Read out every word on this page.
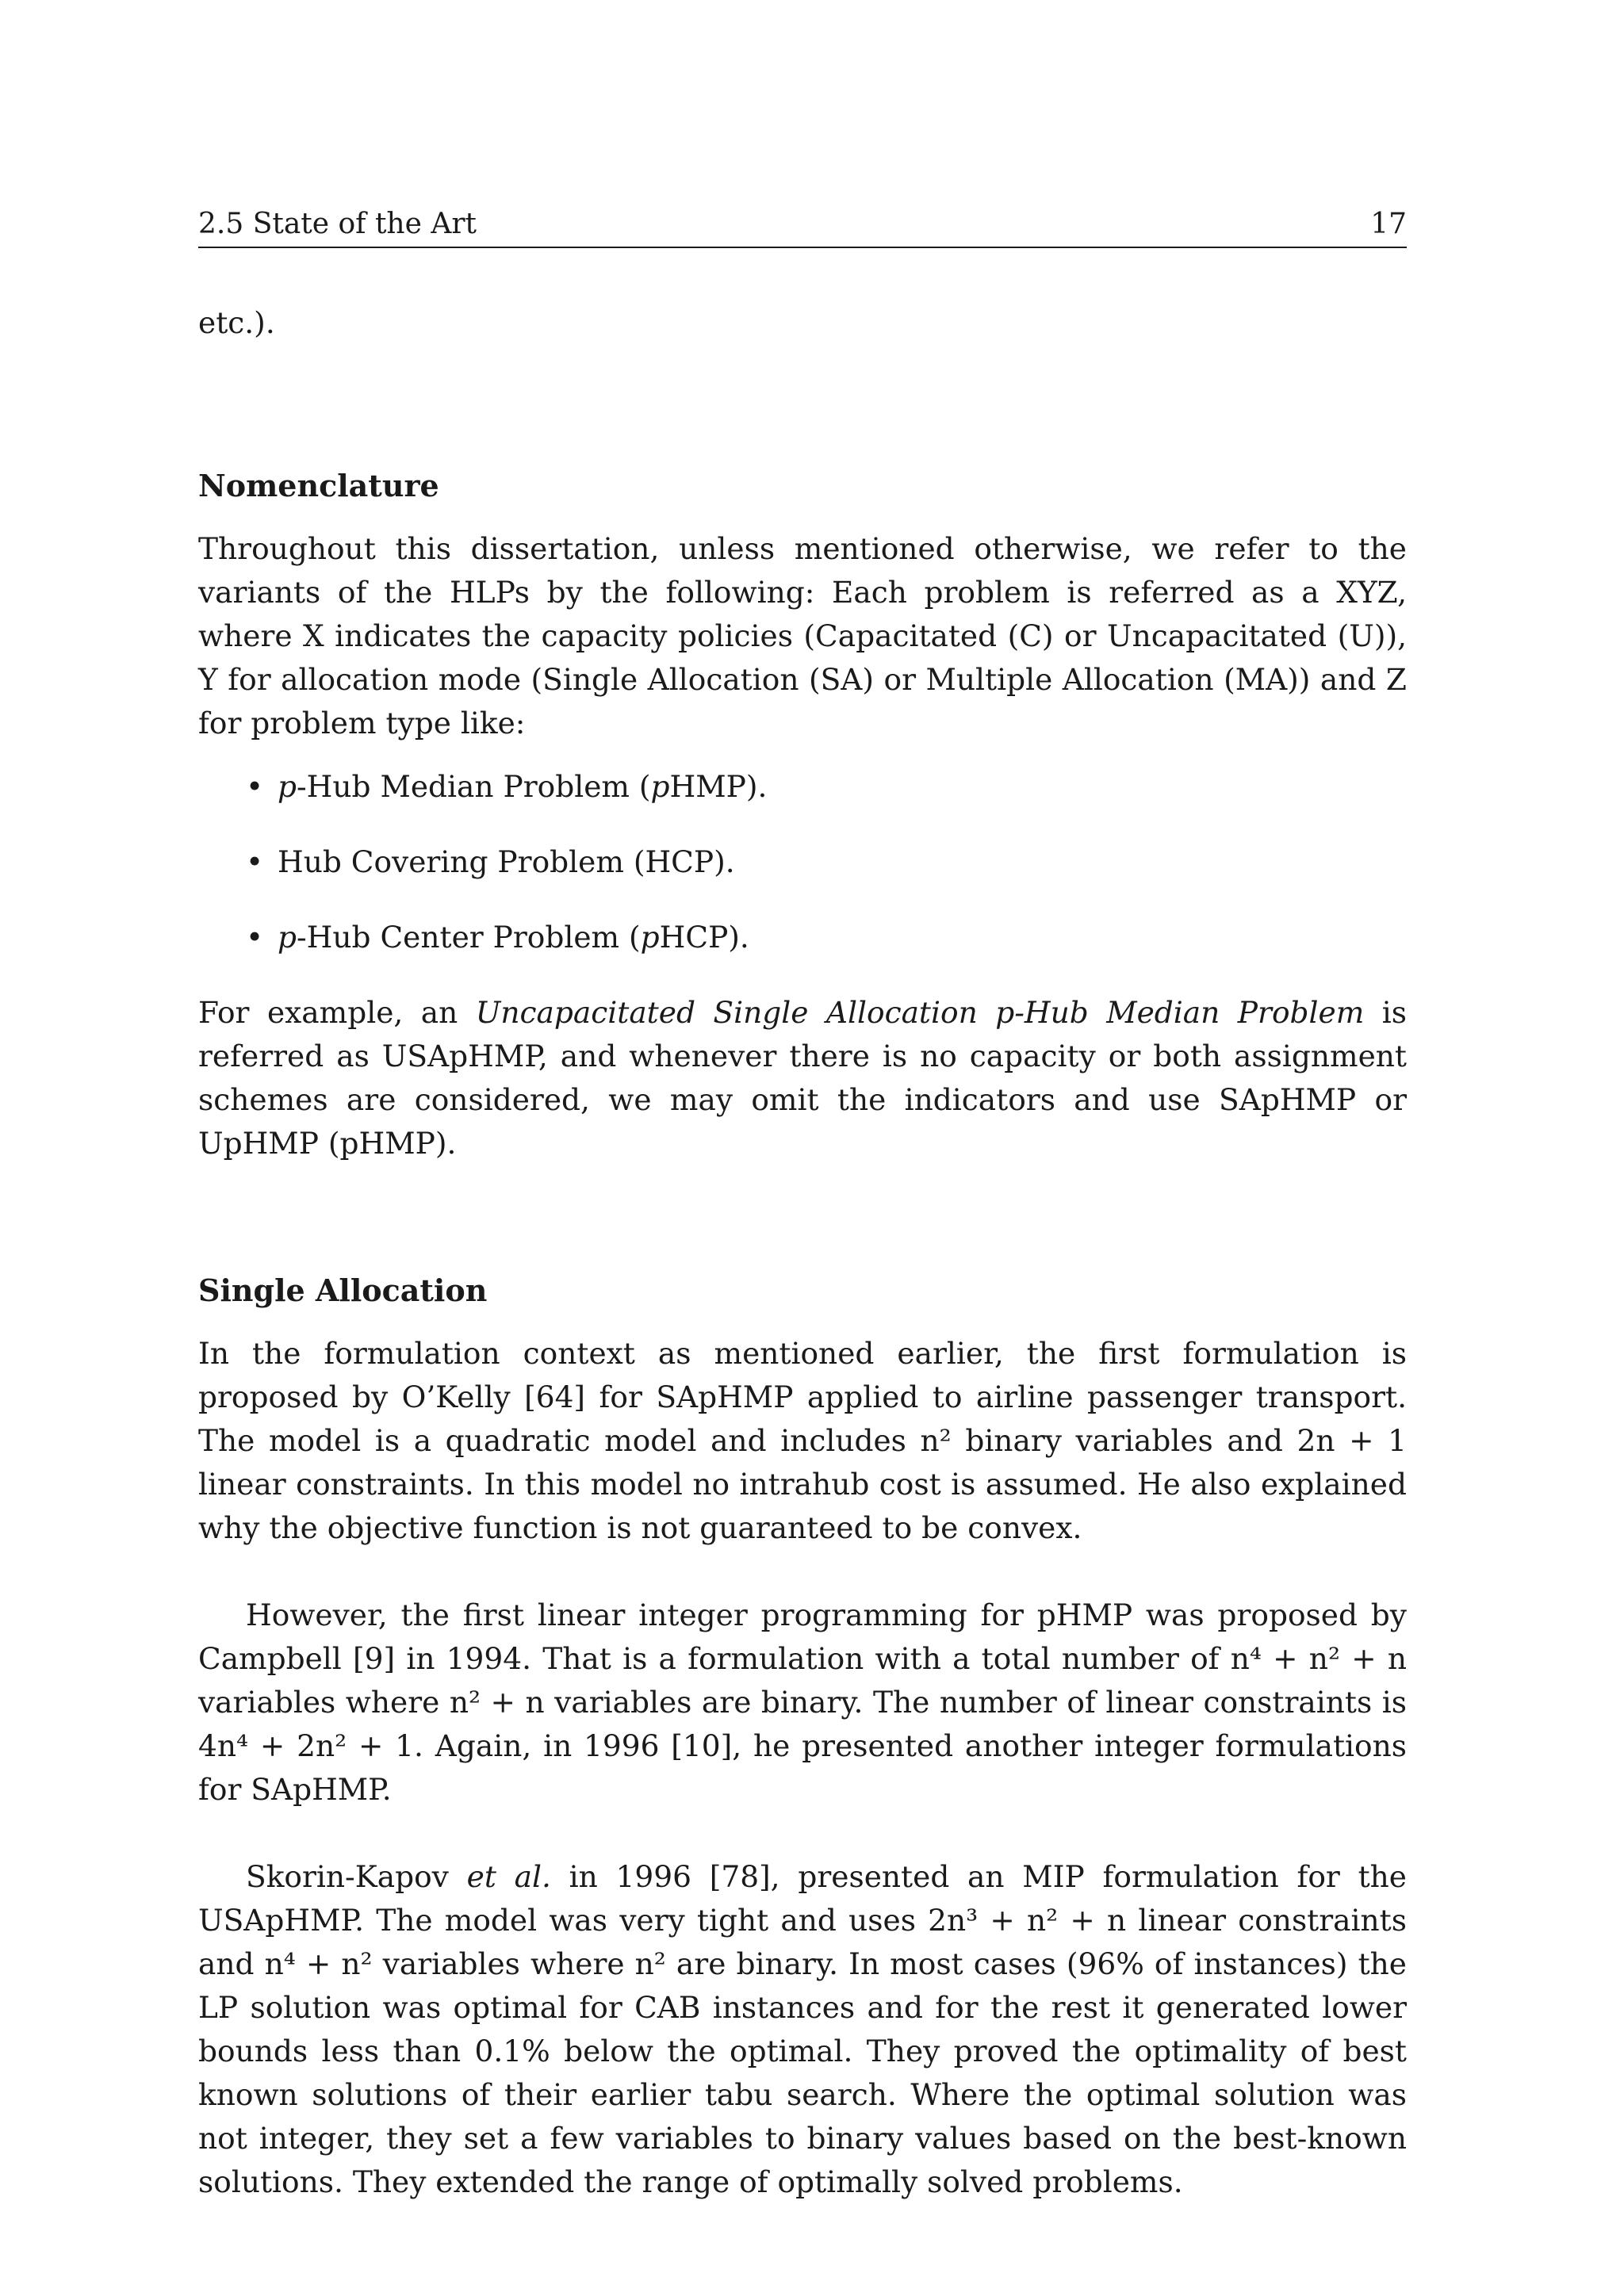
2.5 State of the Art	17

etc.).

Nomenclature

Throughout this dissertation, unless mentioned otherwise, we refer to the variants of the HLPs by the following: Each problem is referred as a XYZ, where X indicates the capacity policies (Capacitated (C) or Uncapacitated (U)), Y for allocation mode (Single Allocation (SA) or Multiple Allocation (MA)) and Z for problem type like:

• p-Hub Median Problem (pHMP).
• Hub Covering Problem (HCP).
• p-Hub Center Problem (pHCP).

For example, an Uncapacitated Single Allocation p-Hub Median Problem is referred as USApHMP, and whenever there is no capacity or both assignment schemes are considered, we may omit the indicators and use SApHMP or UpHMP (pHMP).

Single Allocation

In the formulation context as mentioned earlier, the first formulation is proposed by O’Kelly [64] for SApHMP applied to airline passenger transport. The model is a quadratic model and includes n² binary variables and 2n + 1 linear constraints. In this model no intrahub cost is assumed. He also explained why the objective function is not guaranteed to be convex.

However, the first linear integer programming for pHMP was proposed by Campbell [9] in 1994. That is a formulation with a total number of n⁴ + n² + n variables where n² + n variables are binary. The number of linear constraints is 4n⁴ + 2n² + 1. Again, in 1996 [10], he presented another integer formulations for SApHMP.

Skorin-Kapov et al. in 1996 [78], presented an MIP formulation for the USApHMP. The model was very tight and uses 2n³ + n² + n linear constraints and n⁴ + n² variables where n² are binary. In most cases (96% of instances) the LP solution was optimal for CAB instances and for the rest it generated lower bounds less than 0.1% below the optimal. They proved the optimality of best known solutions of their earlier tabu search. Where the optimal solution was not integer, they set a few variables to binary values based on the best-known solutions. They extended the range of optimally solved problems.
